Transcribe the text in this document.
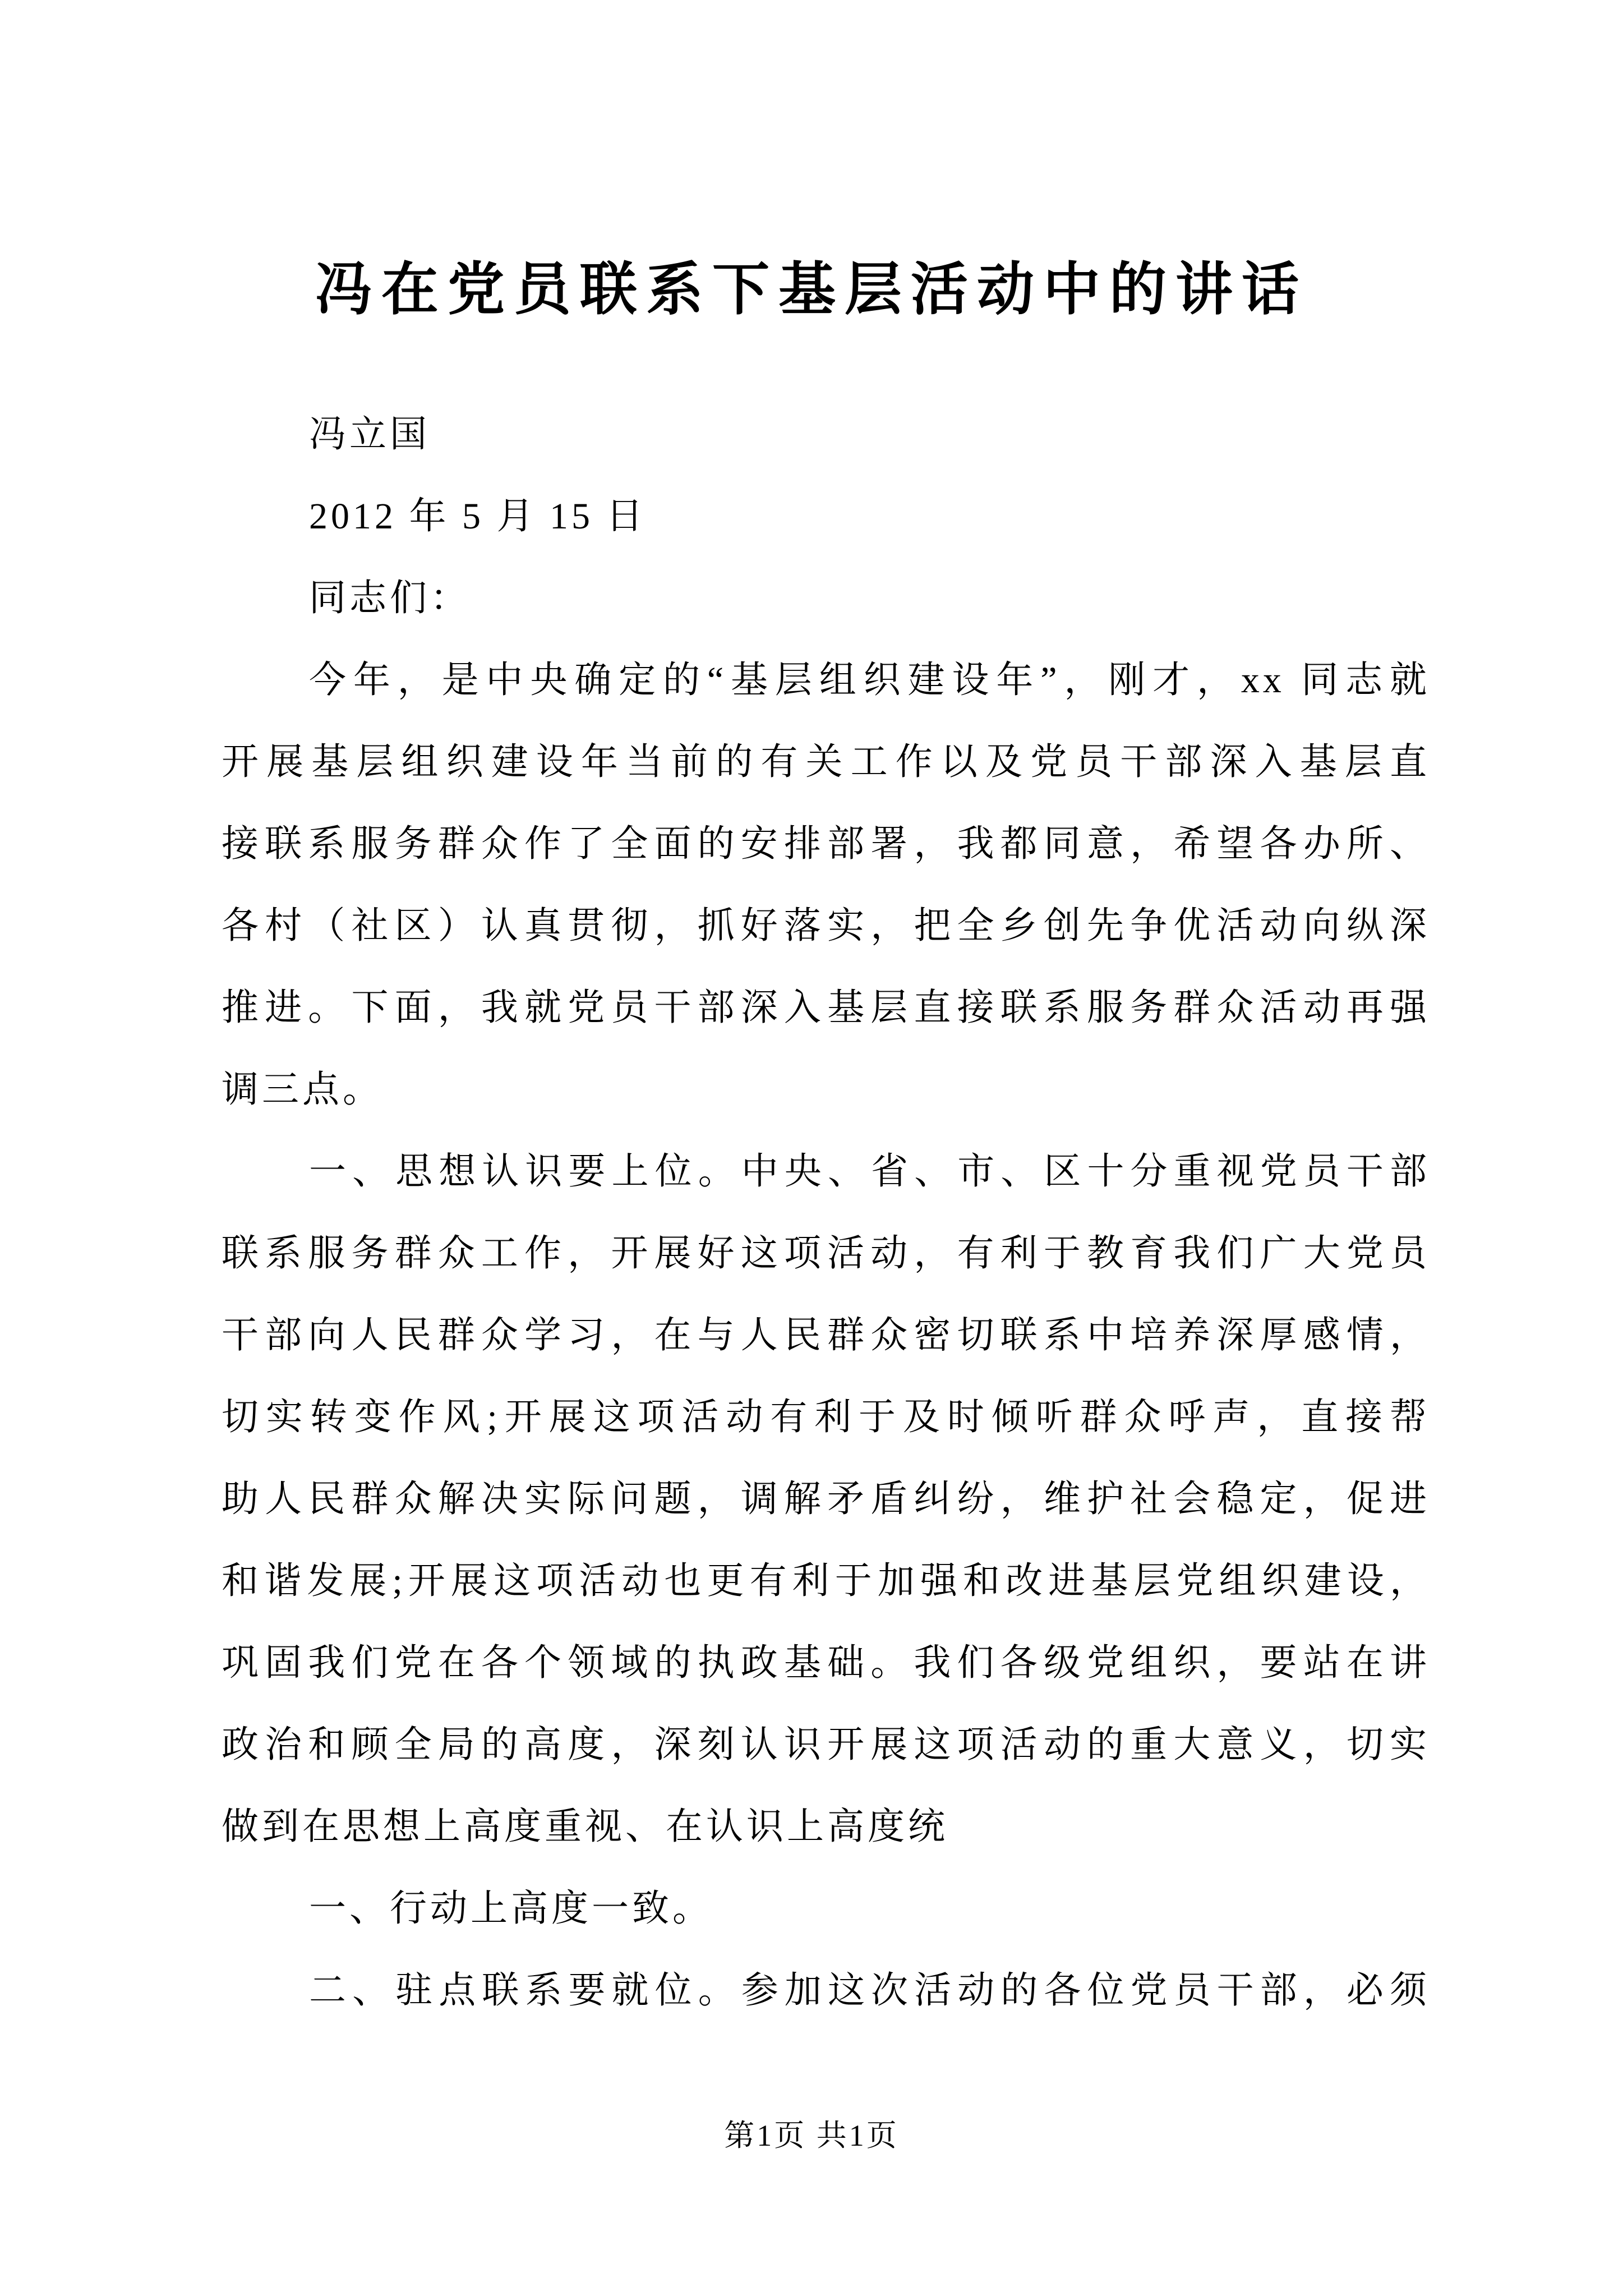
冯在党员联系下基层活动中的讲话
冯立国
2012 年 5 月 15 日
同志们：
今年，是中央确定的“基层组织建设年”，刚才，xx 同志就
开展基层组织建设年当前的有关工作以及党员干部深入基层直
接联系服务群众作了全面的安排部署，我都同意，希望各办所、
各村（社区）认真贯彻，抓好落实，把全乡创先争优活动向纵深
推进。下面，我就党员干部深入基层直接联系服务群众活动再强
调三点。
一、思想认识要上位。中央、省、市、区十分重视党员干部
联系服务群众工作，开展好这项活动，有利于教育我们广大党员
干部向人民群众学习，在与人民群众密切联系中培养深厚感情，
切实转变作风;开展这项活动有利于及时倾听群众呼声，直接帮
助人民群众解决实际问题，调解矛盾纠纷，维护社会稳定，促进
和谐发展;开展这项活动也更有利于加强和改进基层党组织建设，
巩固我们党在各个领域的执政基础。我们各级党组织，要站在讲
政治和顾全局的高度，深刻认识开展这项活动的重大意义，切实
做到在思想上高度重视、在认识上高度统
一、行动上高度一致。
二、驻点联系要就位。参加这次活动的各位党员干部，必须
第1页 共1页
